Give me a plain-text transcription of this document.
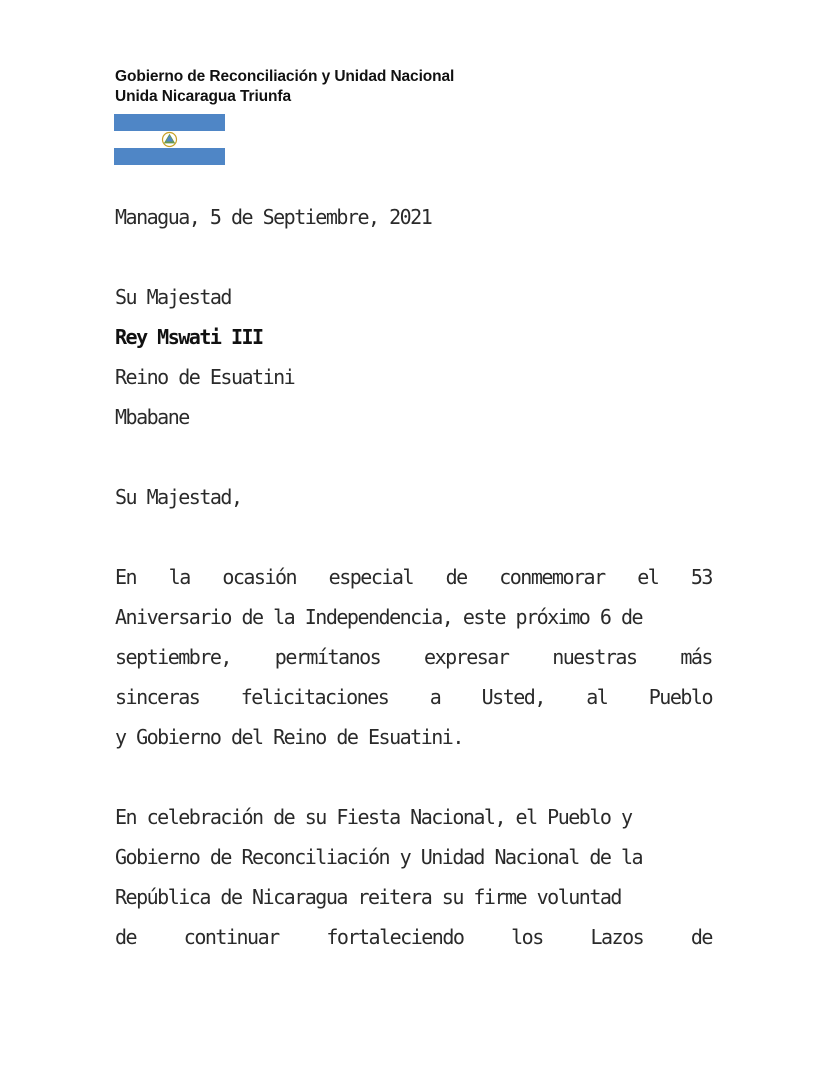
Gobierno de Reconciliación y Unidad Nacional
Unida Nicaragua Triunfa
Managua, 5 de Septiembre, 2021
Su Majestad
Rey Mswati III
Reino de Esuatini
Mbabane
Su Majestad,
En la ocasión especial de conmemorar el 53
Aniversario de la Independencia, este próximo 6 de
septiembre, permítanos expresar nuestras más
sinceras felicitaciones a Usted, al Pueblo
y Gobierno del Reino de Esuatini.
En celebración de su Fiesta Nacional, el Pueblo y
Gobierno de Reconciliación y Unidad Nacional de la
República de Nicaragua reitera su firme voluntad
de continuar fortaleciendo los Lazos de
